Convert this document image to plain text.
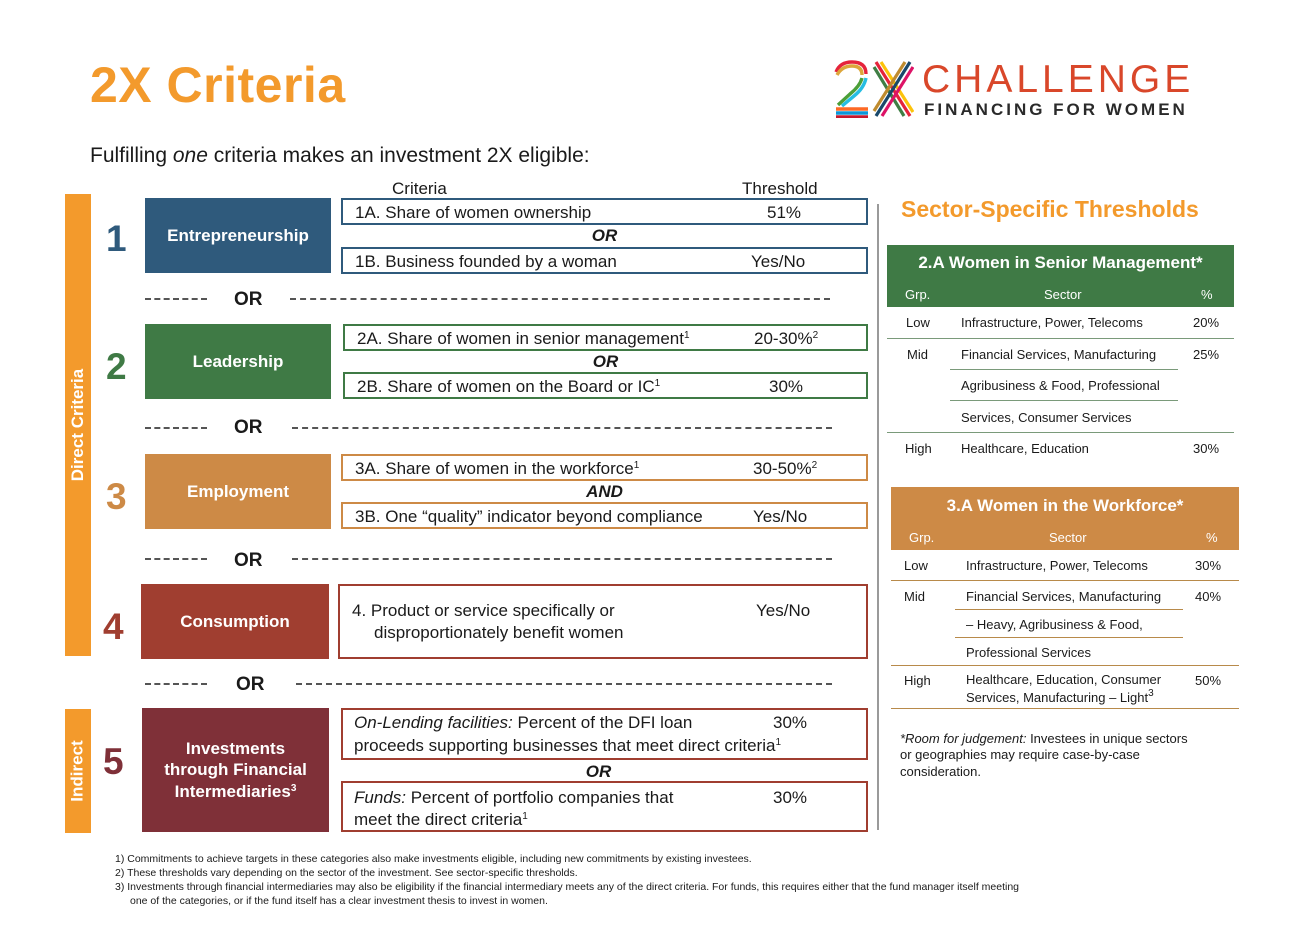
2X Criteria
Fulfilling one criteria makes an investment 2X eligible:
CHALLENGE
FINANCING FOR WOMEN
Direct Criteria
Indirect
Criteria	Threshold
1	Entrepreneurship
1A. Share of women ownership	51%
OR
1B. Business founded by a woman	Yes/No
OR
2	Leadership
2A. Share of women in senior management$^1$	20-30%$^2$
OR
2B. Share of women on the Board or $IC^1$	30%
OR
3	Employment
3A. Share of women in the workforce$^1$	30-50%$^2$
AND
3B. One “quality” indicator beyond compliance	Yes/No
OR
4	Consumption
4. Product or service specifically or
disproportionately benefit women
Yes/No
OR
5	Investments
through Financial
Intermediaries$^3$
On-Lending facilities: Percent of the DFI loan
proceeds supporting businesses that meet direct criteria$^1$
30%
OR
Funds: Percent of portfolio companies that
meet the direct criteria$^1$
30%
Sector-Specific Thresholds
2.A Women in Senior Management*
Grp.	Sector	%
Low Infrastructure, Power, Telecoms	20%
Mid	Financial Services, Manufacturing	25%
Agribusiness & Food, Professional
Services, Consumer Services
High Healthcare, Education	30%
3.A Women in the Workforce*
Grp.	Sector	%
Low	Infrastructure, Power, Telecoms	30%
Mid	Financial Services, Manufacturing	40%
– Heavy, Agribusiness & Food,
Professional Services
High	Healthcare, Education, Consumer
Services, Manufacturing – Light$^3$
50%
*Room for judgement: Investees in unique sectors or geographies may require case-by-case consideration.
1) Commitments to achieve targets in these categories also make investments eligible, including new commitments by existing investees.
2) These thresholds vary depending on the sector of the investment. See sector-specific thresholds.
3) Investments through financial intermediaries may also be eligibility if the financial intermediary meets any of the direct criteria. For funds, this requires either that the fund manager itself meeting
one of the categories, or if the fund itself has a clear investment thesis to invest in women.
